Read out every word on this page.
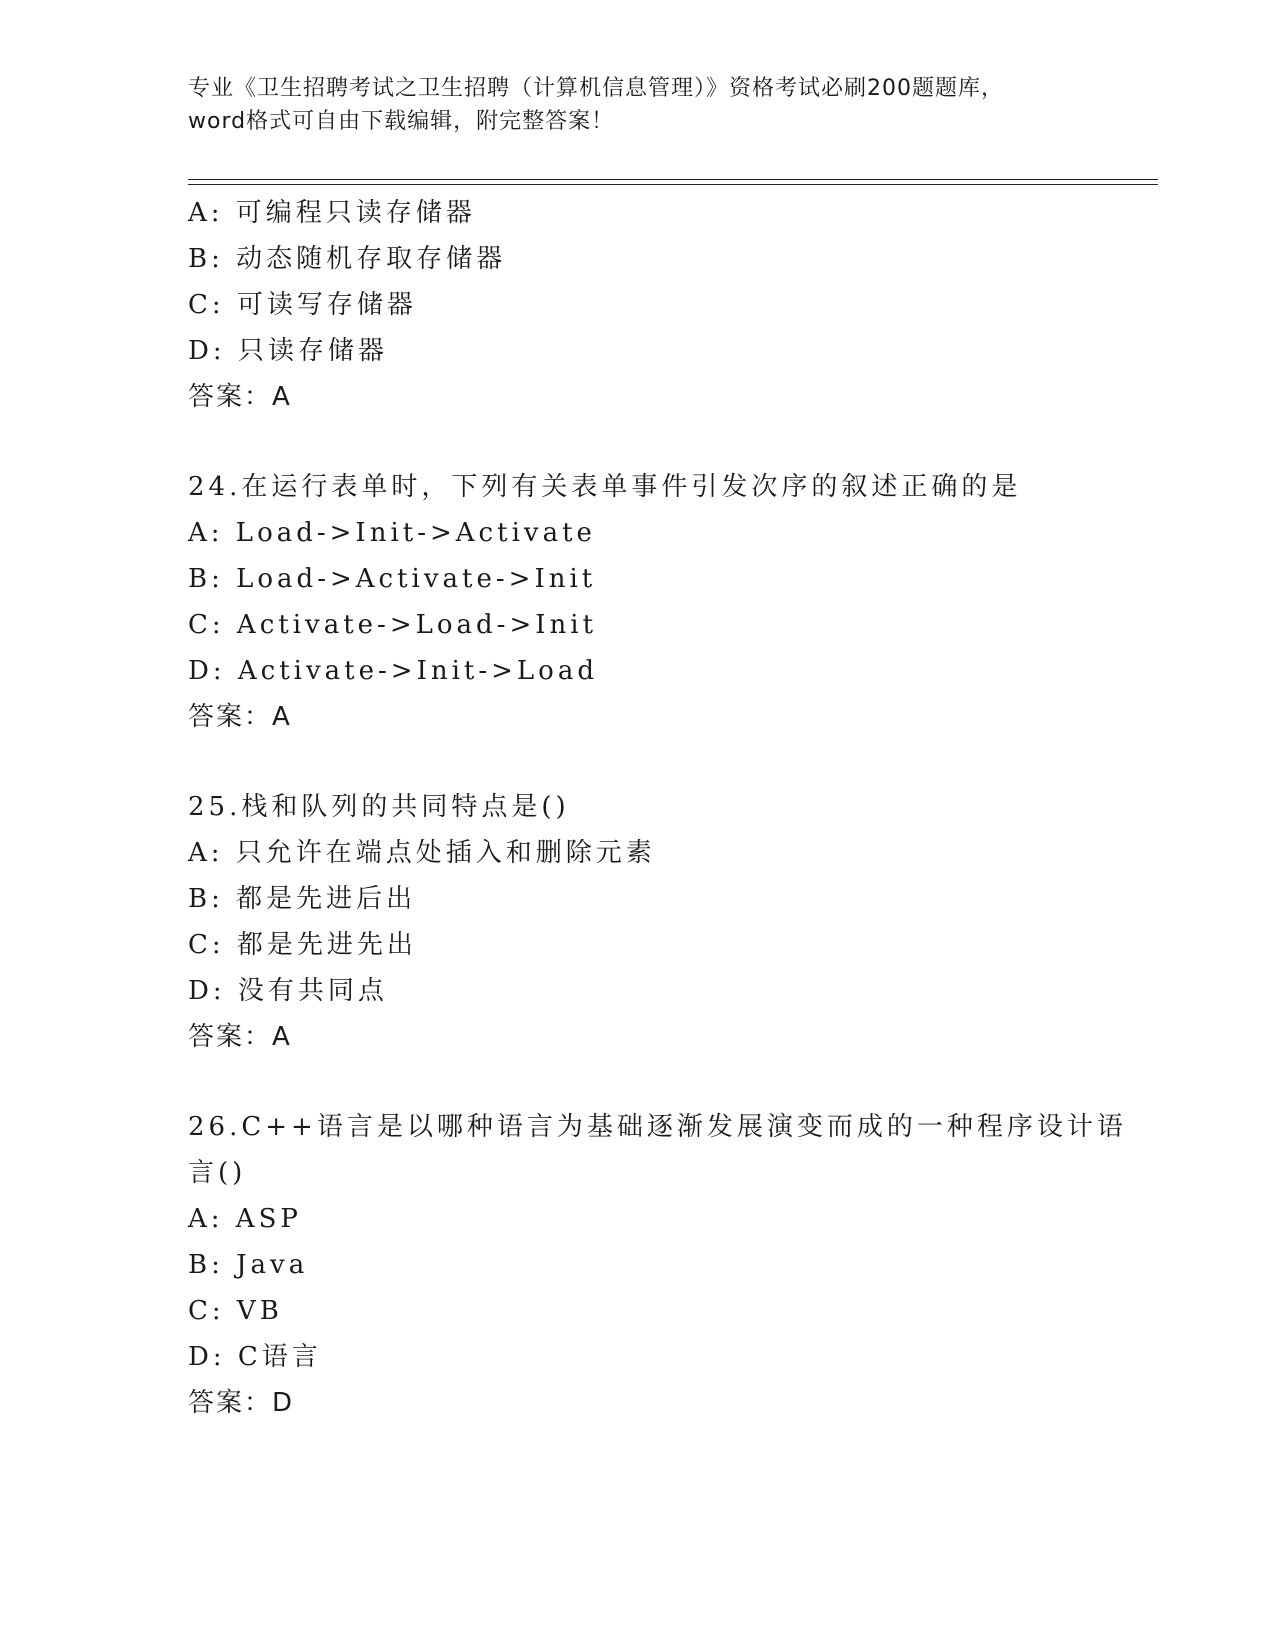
专业《卫生招聘考试之卫生招聘（计算机信息管理）》资格考试必刷200题题库，
word格式可自由下载编辑，附完整答案！
A: 可编程只读存储器
B: 动态随机存取存储器
C: 可读写存储器
D: 只读存储器
答案：A
24.在运行表单时，下列有关表单事件引发次序的叙述正确的是
A: Load->Init->Activate
B: Load->Activate->Init
C: Activate->Load->Init
D: Activate->Init->Load
答案：A
25.栈和队列的共同特点是()
A: 只允许在端点处插入和删除元素
B: 都是先进后出
C: 都是先进先出
D: 没有共同点
答案：A
26.C++语言是以哪种语言为基础逐渐发展演变而成的一种程序设计语
言()
A: ASP
B: Java
C: VB
D: C语言
答案：D
